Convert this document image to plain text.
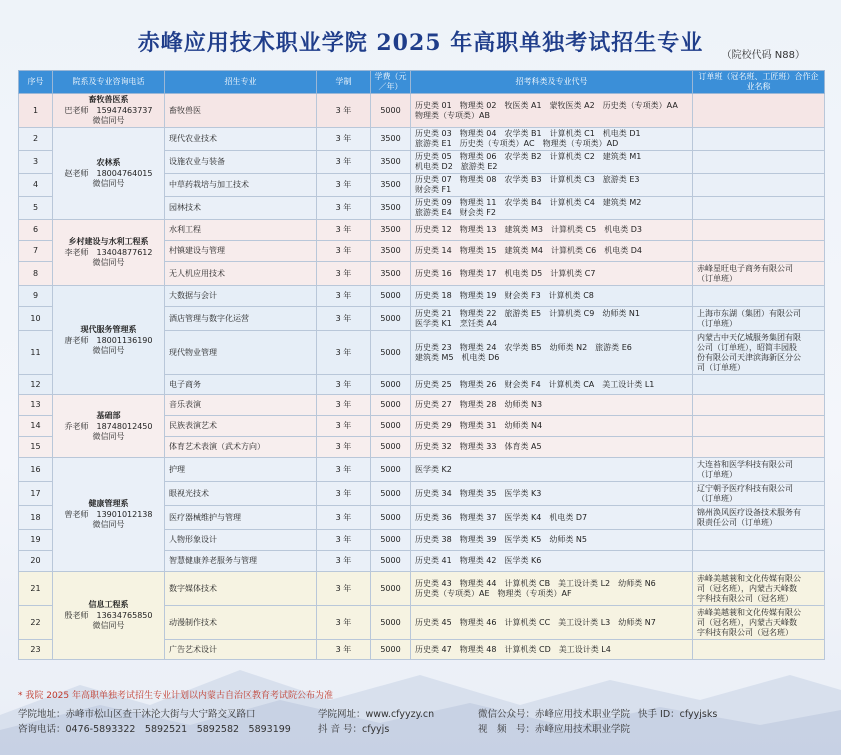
赤峰应用技术职业学院 2025 年高职单独考试招生专业	（院校代码 N88）
序号	院系及专业咨询电话	招生专业	学制	学费（元／年）	招考科类及专业代号	订单班（冠名班、工匠班）合作企业名称
1	畜牧兽医系
巴老师　15947463737
微信同号	畜牧兽医	3 年	5000	历史类 01　物理类 02　牧医类 A1　蒙牧医类 A2　历史类（专项类）AA
物理类（专项类）AB	
2	农林系
赵老师　18004764015
微信同号	现代农业技术	3 年	3500	历史类 03　物理类 04　农学类 B1　计算机类 C1　机电类 D1
旅游类 E1　历史类（专项类）AC　物理类（专项类）AD	
3		设施农业与装备	3 年	3500	历史类 05　物理类 06　农学类 B2　计算机类 C2　建筑类 M1
机电类 D2　旅游类 E2	
4		中草药栽培与加工技术	3 年	3500	历史类 07　物理类 08　农学类 B3　计算机类 C3　旅游类 E3
财会类 F1	
5		园林技术	3 年	3500	历史类 09　物理类 11　农学类 B4　计算机类 C4　建筑类 M2
旅游类 E4　财会类 F2	
6	乡村建设与水利工程系
李老师　13404877612
微信同号	水利工程	3 年	3500	历史类 12　物理类 13　建筑类 M3　计算机类 C5　机电类 D3	
7		村镇建设与管理	3 年	3500	历史类 14　物理类 15　建筑类 M4　计算机类 C6　机电类 D4	
8		无人机应用技术	3 年	3500	历史类 16　物理类 17　机电类 D5　计算机类 C7	赤峰星旺电子商务有限公司
（订单班）
9	现代服务管理系
唐老师　18001136190
微信同号	大数据与会计	3 年	5000	历史类 18　物理类 19　财会类 F3　计算机类 C8	
10		酒店管理与数字化运营	3 年	5000	历史类 21　物理类 22　旅游类 E5　计算机类 C9　幼师类 N1
医学类 K1　烹饪类 A4	上海市东湖（集团）有限公司
（订单班）
11		现代物业管理	3 年	5000	历史类 23　物理类 24　农学类 B5　幼师类 N2　旅游类 E6
建筑类 M5　机电类 D6	内蒙古中天亿城服务集团有限
公司（订单班），昭简丰园股
份有限公司天津滨海新区分公
司（订单班）
12		电子商务	3 年	5000	历史类 25　物理类 26　财会类 F4　计算机类 CA　美工设计类 L1	
13	基础部
乔老师　18748012450
微信同号	音乐表演	3 年	5000	历史类 27　物理类 28　幼师类 N3	
14		民族表演艺术	3 年	5000	历史类 29　物理类 31　幼师类 N4	
15		体育艺术表演（武术方向）	3 年	5000	历史类 32　物理类 33　体育类 A5	
16	健康管理系
曾老师　13901012138
微信同号	护理	3 年	5000	医学类 K2	大连苔和医学科技有限公司
（订单班）
17		眼视光技术	3 年	5000	历史类 34　物理类 35　医学类 K3	辽宁朝予医疗科技有限公司
（订单班）
18		医疗器械维护与管理	3 年	5000	历史类 36　物理类 37　医学类 K4　机电类 D7	锦州涣风医疗设备技术服务有
限责任公司（订单班）
19		人物形象设计	3 年	5000	历史类 38　物理类 39　医学类 K5　幼师类 N5	
20		智慧健康养老服务与管理	3 年	5000	历史类 41　物理类 42　医学类 K6	
21	信息工程系
殷老师　13634765850
微信同号	数字媒体技术	3 年	5000	历史类 43　物理类 44　计算机类 CB　美工设计类 L2　幼师类 N6
历史类（专项类）AE　物理类（专项类）AF	赤峰美越蓑和文化传媒有限公
司（冠名班），内蒙古天峰数
字科技有限公司（冠名班）
22		动漫制作技术	3 年	5000	历史类 45　物理类 46　计算机类 CC　美工设计类 L3　幼师类 N7	赤峰美越蓑和文化传媒有限公
司（冠名班），内蒙古天峰数
字科技有限公司（冠名班）
23		广告艺术设计	3 年	5000	历史类 47　物理类 48　计算机类 CD　美工设计类 L4	
* 我院 2025 年高职单独考试招生专业计划以内蒙古自治区教育考试院公布为准
学院地址：赤峰市松山区查干沐沦大街与大宁路交叉路口	学院网址：www.cfyyzy.cn	微信公众号：赤峰应用技术职业学院 快手 ID：cfyyjsks
咨询电话：0476-5893322　5892521　5892582　5893199	抖 音 号：cfyyjs	视　频　号：赤峰应用技术职业学院
